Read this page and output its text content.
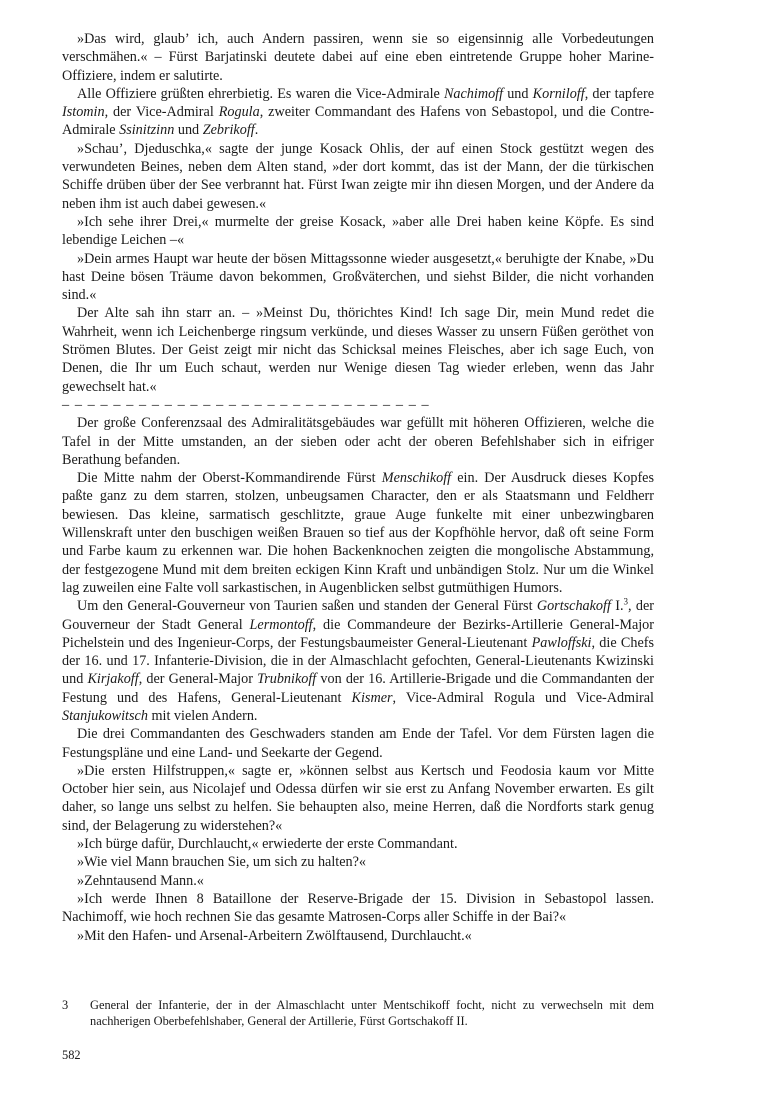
»Das wird, glaub’ ich, auch Andern passiren, wenn sie so eigensinnig alle Vorbedeutungen verschmähen.« – Fürst Barjatinski deutete dabei auf eine eben eintretende Gruppe hoher Marine-Offiziere, indem er salutirte.

Alle Offiziere grüßten ehrerbietig. Es waren die Vice-Admirale Nachimoff und Korniloff, der tapfere Istomin, der Vice-Admiral Rogula, zweiter Commandant des Hafens von Sebastopol, und die Contre-Admirale Ssinitzinn und Zebrikoff.

»Schau’, Djeduschka,« sagte der junge Kosack Ohlis, der auf einen Stock gestützt wegen des verwundeten Beines, neben dem Alten stand, »der dort kommt, das ist der Mann, der die türkischen Schiffe drüben über der See verbrannt hat. Fürst Iwan zeigte mir ihn diesen Morgen, und der Andere da neben ihm ist auch dabei gewesen.«

»Ich sehe ihrer Drei,« murmelte der greise Kosack, »aber alle Drei haben keine Köpfe. Es sind lebendige Leichen –«

»Dein armes Haupt war heute der bösen Mittagssonne wieder ausgesetzt,« beruhigte der Knabe, »Du hast Deine bösen Träume davon bekommen, Großväterchen, und siehst Bilder, die nicht vorhanden sind.«

Der Alte sah ihn starr an. – »Meinst Du, thörichtes Kind! Ich sage Dir, mein Mund redet die Wahrheit, wenn ich Leichenberge ringsum verkünde, und dieses Wasser zu unsern Füßen geröthet von Strömen Blutes. Der Geist zeigt mir nicht das Schicksal meines Fleisches, aber ich sage Euch, von Denen, die Ihr um Euch schaut, werden nur Wenige diesen Tag wieder erleben, wenn das Jahr gewechselt hat.«

– – – – – – – – – – – – – – – – – – – – – – – – – – – – –

Der große Conferenzsaal des Admiralitätsgebäudes war gefüllt mit höheren Offizieren, welche die Tafel in der Mitte umstanden, an der sieben oder acht der oberen Befehlshaber sich in eifriger Berathung befanden.

Die Mitte nahm der Oberst-Kommandirende Fürst Menschikoff ein. Der Ausdruck dieses Kopfes paßte ganz zu dem starren, stolzen, unbeugsamen Character, den er als Staatsmann und Feldherr bewiesen. Das kleine, sarmatisch geschlitzte, graue Auge funkelte mit einer unbezwingbaren Willenskraft unter den buschigen weißen Brauen so tief aus der Kopfhöhle hervor, daß oft seine Form und Farbe kaum zu erkennen war. Die hohen Backenknochen zeigten die mongolische Abstammung, der festgezogene Mund mit dem breiten eckigen Kinn Kraft und unbändigen Stolz. Nur um die Winkel lag zuweilen eine Falte voll sarkastischen, in Augenblicken selbst gutmüthigen Humors.

Um den General-Gouverneur von Taurien saßen und standen der General Fürst Gortschakoff I.$^3$, der Gouverneur der Stadt General Lermontoff, die Commandeure der Bezirks-Artillerie General-Major Pichelstein und des Ingenieur-Corps, der Festungsbaumeister General-Lieutenant Pawloffski, die Chefs der 16. und 17. Infanterie-Division, die in der Almaschlacht gefochten, General-Lieutenants Kwizinski und Kirjakoff, der General-Major Trubnikoff von der 16. Artillerie-Brigade und die Commandanten der Festung und des Hafens, General-Lieutenant Kismer, Vice-Admiral Rogula und Vice-Admiral Stanjukowitsch mit vielen Andern.

Die drei Commandanten des Geschwaders standen am Ende der Tafel. Vor dem Fürsten lagen die Festungspläne und eine Land- und Seekarte der Gegend.

»Die ersten Hilfstruppen,« sagte er, »können selbst aus Kertsch und Feodosia kaum vor Mitte October hier sein, aus Nicolajef und Odessa dürfen wir sie erst zu Anfang November erwarten. Es gilt daher, so lange uns selbst zu helfen. Sie behaupten also, meine Herren, daß die Nordforts stark genug sind, der Belagerung zu widerstehen?«

»Ich bürge dafür, Durchlaucht,« erwiederte der erste Commandant.

»Wie viel Mann brauchen Sie, um sich zu halten?«

»Zehntausend Mann.«

»Ich werde Ihnen 8 Bataillone der Reserve-Brigade der 15. Division in Sebastopol lassen. Nachimoff, wie hoch rechnen Sie das gesamte Matrosen-Corps aller Schiffe in der Bai?«

»Mit den Hafen- und Arsenal-Arbeitern Zwölftausend, Durchlaucht.«

3	General der Infanterie, der in der Almaschlacht unter Mentschikoff focht, nicht zu verwechseln mit dem nachherigen Oberbefehlshaber, General der Artillerie, Fürst Gortschakoff II.
582
